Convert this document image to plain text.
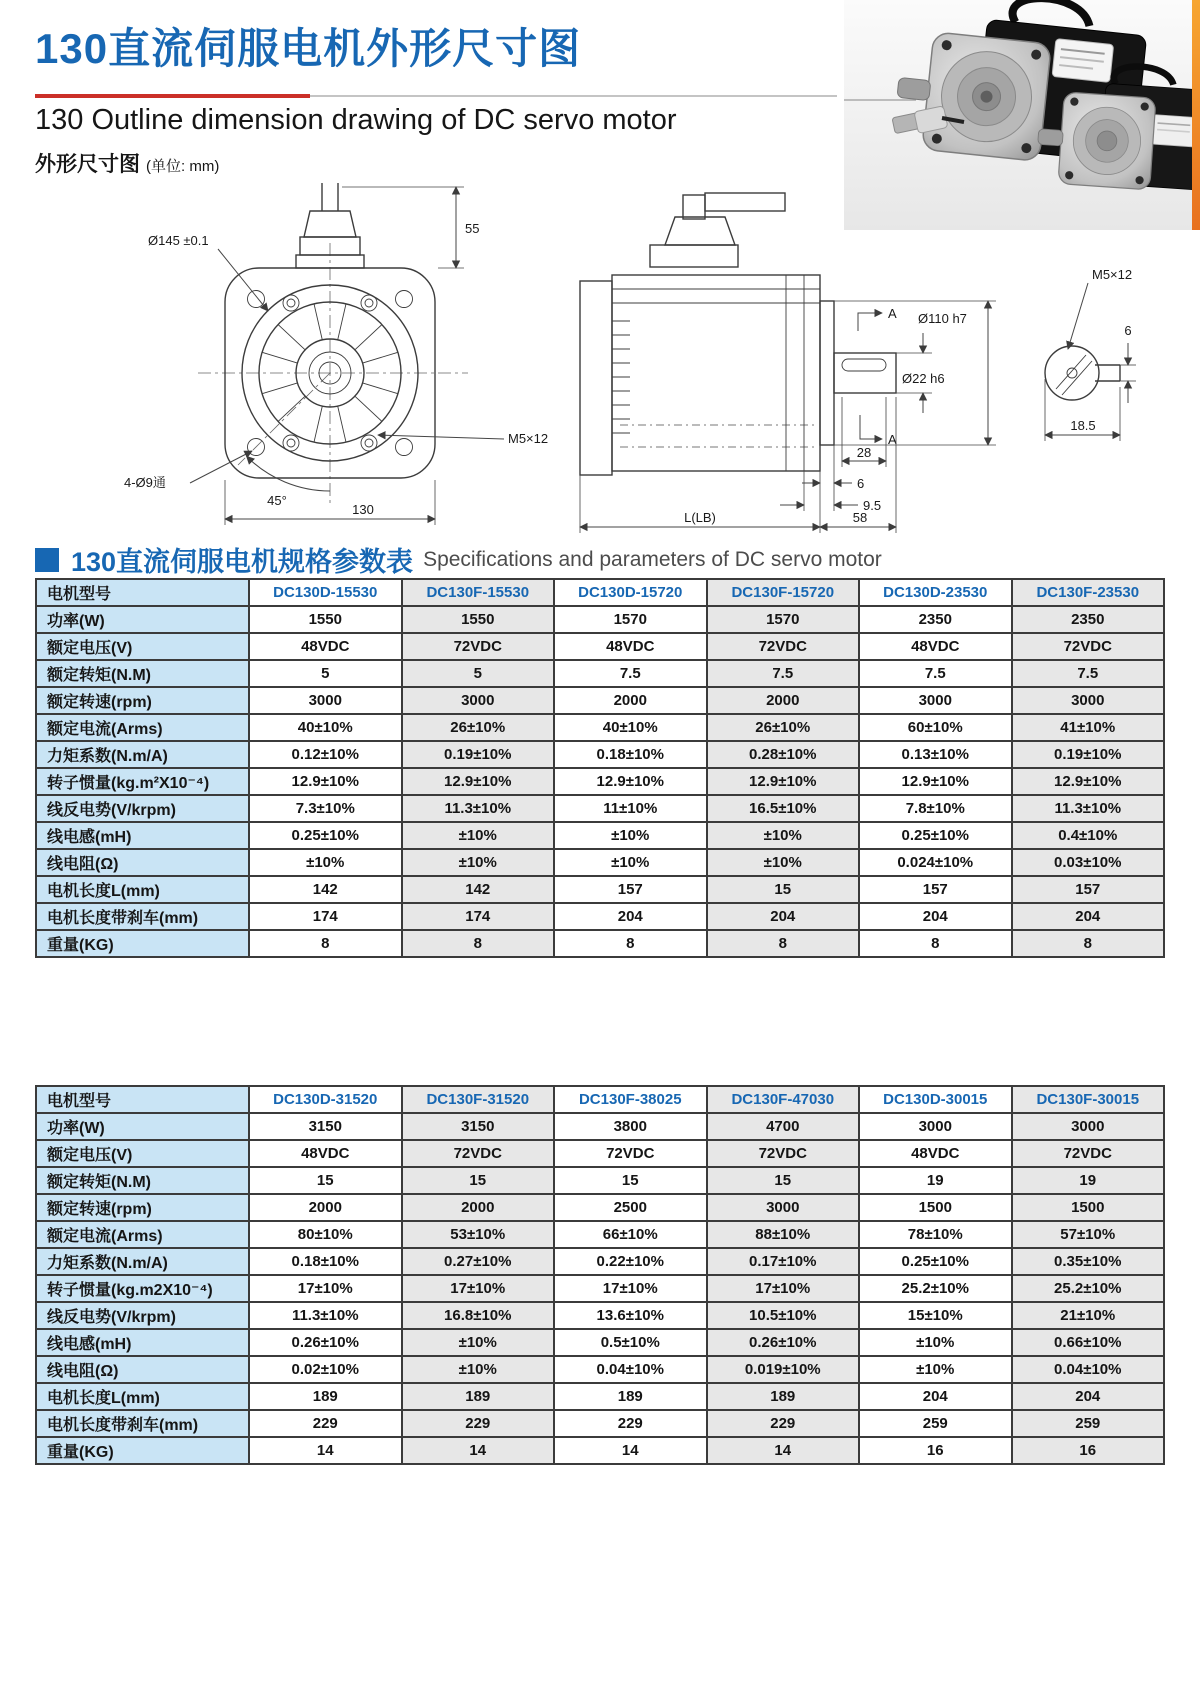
130直流伺服电机外形尺寸图
130 Outline dimension drawing of DC servo motor
外形尺寸图 (单位: mm)
55
Ø145 ±0.1
4-Ø9通
45°
130
M5×12
A
A
Ø110 h7
Ø22 h6
28
6
9.5
L(LB)	58
M5×12
6
18.5
130直流伺服电机规格参数表 Specifications and parameters of DC servo motor
电机型号	DC130D-15530	DC130F-15530	DC130D-15720	DC130F-15720	DC130D-23530	DC130F-23530
功率(W)	1550	1550	1570	1570	2350	2350
额定电压(V)	48VDC	72VDC	48VDC	72VDC	48VDC	72VDC
额定转矩(N.M)	5	5	7.5	7.5	7.5	7.5
额定转速(rpm)	3000	3000	2000	2000	3000	3000
额定电流(Arms)	40±10%	26±10%	40±10%	26±10%	60±10%	41±10%
力矩系数(N.m/A)	0.12±10%	0.19±10%	0.18±10%	0.28±10%	0.13±10%	0.19±10%
转子惯量(kg.m²X10⁻⁴)	12.9±10%	12.9±10%	12.9±10%	12.9±10%	12.9±10%	12.9±10%
线反电势(V/krpm)	7.3±10%	11.3±10%	11±10%	16.5±10%	7.8±10%	11.3±10%
线电感(mH)	0.25±10%	±10%	±10%	±10%	0.25±10%	0.4±10%
线电阻(Ω)	±10%	±10%	±10%	±10%	0.024±10%	0.03±10%
电机长度L(mm)	142	142	157	15	157	157
电机长度带刹车(mm)	174	174	204	204	204	204
重量(KG)	8	8	8	8	8	8
电机型号	DC130D-31520	DC130F-31520	DC130F-38025	DC130F-47030	DC130D-30015	DC130F-30015
功率(W)	3150	3150	3800	4700	3000	3000
额定电压(V)	48VDC	72VDC	72VDC	72VDC	48VDC	72VDC
额定转矩(N.M)	15	15	15	15	19	19
额定转速(rpm)	2000	2000	2500	3000	1500	1500
额定电流(Arms)	80±10%	53±10%	66±10%	88±10%	78±10%	57±10%
力矩系数(N.m/A)	0.18±10%	0.27±10%	0.22±10%	0.17±10%	0.25±10%	0.35±10%
转子惯量(kg.m2X10⁻⁴)	17±10%	17±10%	17±10%	17±10%	25.2±10%	25.2±10%
线反电势(V/krpm)	11.3±10%	16.8±10%	13.6±10%	10.5±10%	15±10%	21±10%
线电感(mH)	0.26±10%	±10%	0.5±10%	0.26±10%	±10%	0.66±10%
线电阻(Ω)	0.02±10%	±10%	0.04±10%	0.019±10%	±10%	0.04±10%
电机长度L(mm)	189	189	189	189	204	204
电机长度带刹车(mm)	229	229	229	229	259	259
重量(KG)	14	14	14	14	16	16
